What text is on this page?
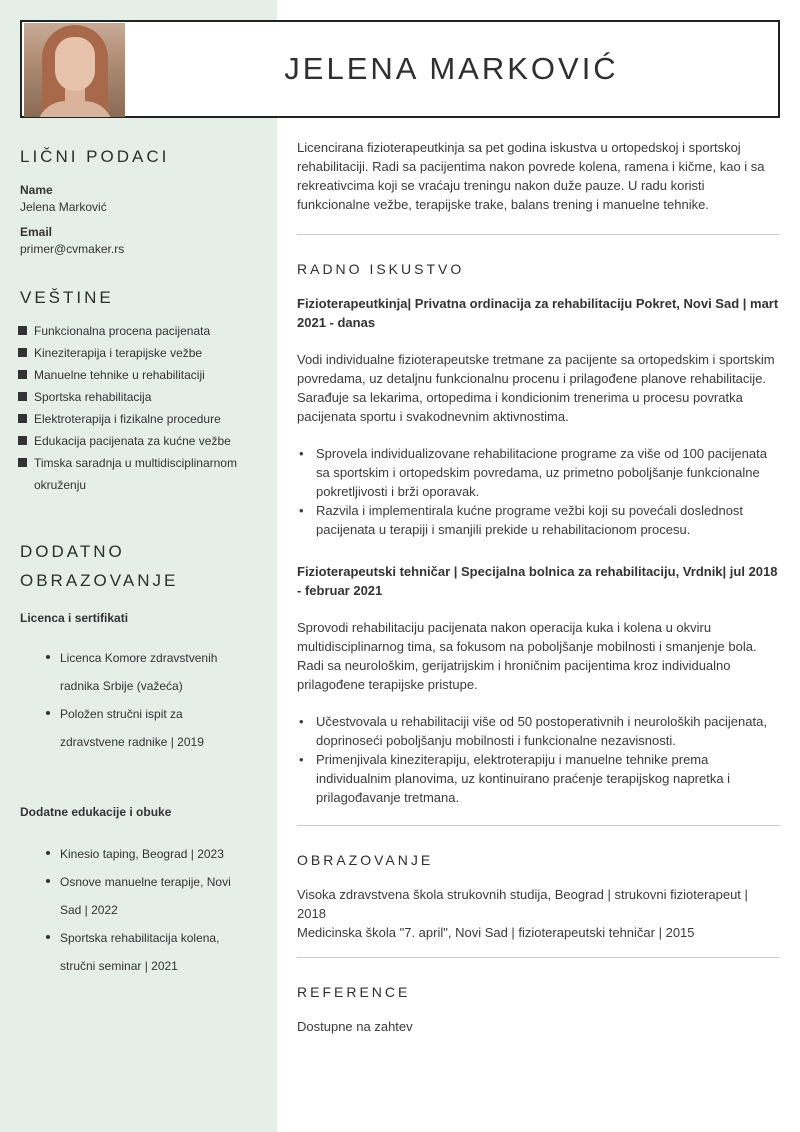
JELENA MARKOVIĆ
LIČNI PODACI
Name
Jelena Marković
Email
primer@cvmaker.rs
VEŠTINE
Funkcionalna procena pacijenata
Kineziterapija i terapijske vežbe
Manuelne tehnike u rehabilitaciji
Sportska rehabilitacija
Elektroterapija i fizikalne procedure
Edukacija pacijenata za kućne vežbe
Timska saradnja u multidisciplinarnom okruženju
DODATNO
OBRAZOVANJE
Licenca i sertifikati
Licenca Komore zdravstvenih radnika Srbije (važeća)
Položen stručni ispit za zdravstvene radnike | 2019
Dodatne edukacije i obuke
Kinesio taping, Beograd | 2023
Osnove manuelne terapije, Novi Sad | 2022
Sportska rehabilitacija kolena, stručni seminar | 2021
Licencirana fizioterapeutkinja sa pet godina iskustva u ortopedskoj i sportskoj rehabilitaciji. Radi sa pacijentima nakon povrede kolena, ramena i kičme, kao i sa rekreativcima koji se vraćaju treningu nakon duže pauze. U radu koristi funkcionalne vežbe, terapijske trake, balans trening i manuelne tehnike.
RADNO ISKUSTVO
Fizioterapeutkinja| Privatna ordinacija za rehabilitaciju Pokret, Novi Sad | mart 2021 - danas
Vodi individualne fizioterapeutske tretmane za pacijente sa ortopedskim i sportskim povredama, uz detaljnu funkcionalnu procenu i prilagođene planove rehabilitacije. Sarađuje sa lekarima, ortopedima i kondicionim trenerima u procesu povratka pacijenata sportu i svakodnevnim aktivnostima.
• Sprovela individualizovane rehabilitacione programe za više od 100 pacijenata sa sportskim i ortopedskim povredama, uz primetno poboljšanje funkcionalne pokretljivosti i brži oporavak.
• Razvila i implementirala kućne programe vežbi koji su povećali doslednost pacijenata u terapiji i smanjili prekide u rehabilitacionom procesu.
Fizioterapeutski tehničar | Specijalna bolnica za rehabilitaciju, Vrdnik| jul 2018 - februar 2021
Sprovodi rehabilitaciju pacijenata nakon operacija kuka i kolena u okviru multidisciplinarnog tima, sa fokusom na poboljšanje mobilnosti i smanjenje bola. Radi sa neurološkim, gerijatrijskim i hroničnim pacijentima kroz individualno prilagođene terapijske pristupe.
• Učestvovala u rehabilitaciji više od 50 postoperativnih i neuroloških pacijenata, doprinoseći poboljšanju mobilnosti i funkcionalne nezavisnosti.
• Primenjivala kineziterapiju, elektroterapiju i manuelne tehnike prema individualnim planovima, uz kontinuirano praćenje terapijskog napretka i prilagođavanje tretmana.
OBRAZOVANJE
Visoka zdravstvena škola strukovnih studija, Beograd | strukovni fizioterapeut | 2018
Medicinska škola "7. april", Novi Sad | fizioterapeutski tehničar | 2015
REFERENCE
Dostupne na zahtev
